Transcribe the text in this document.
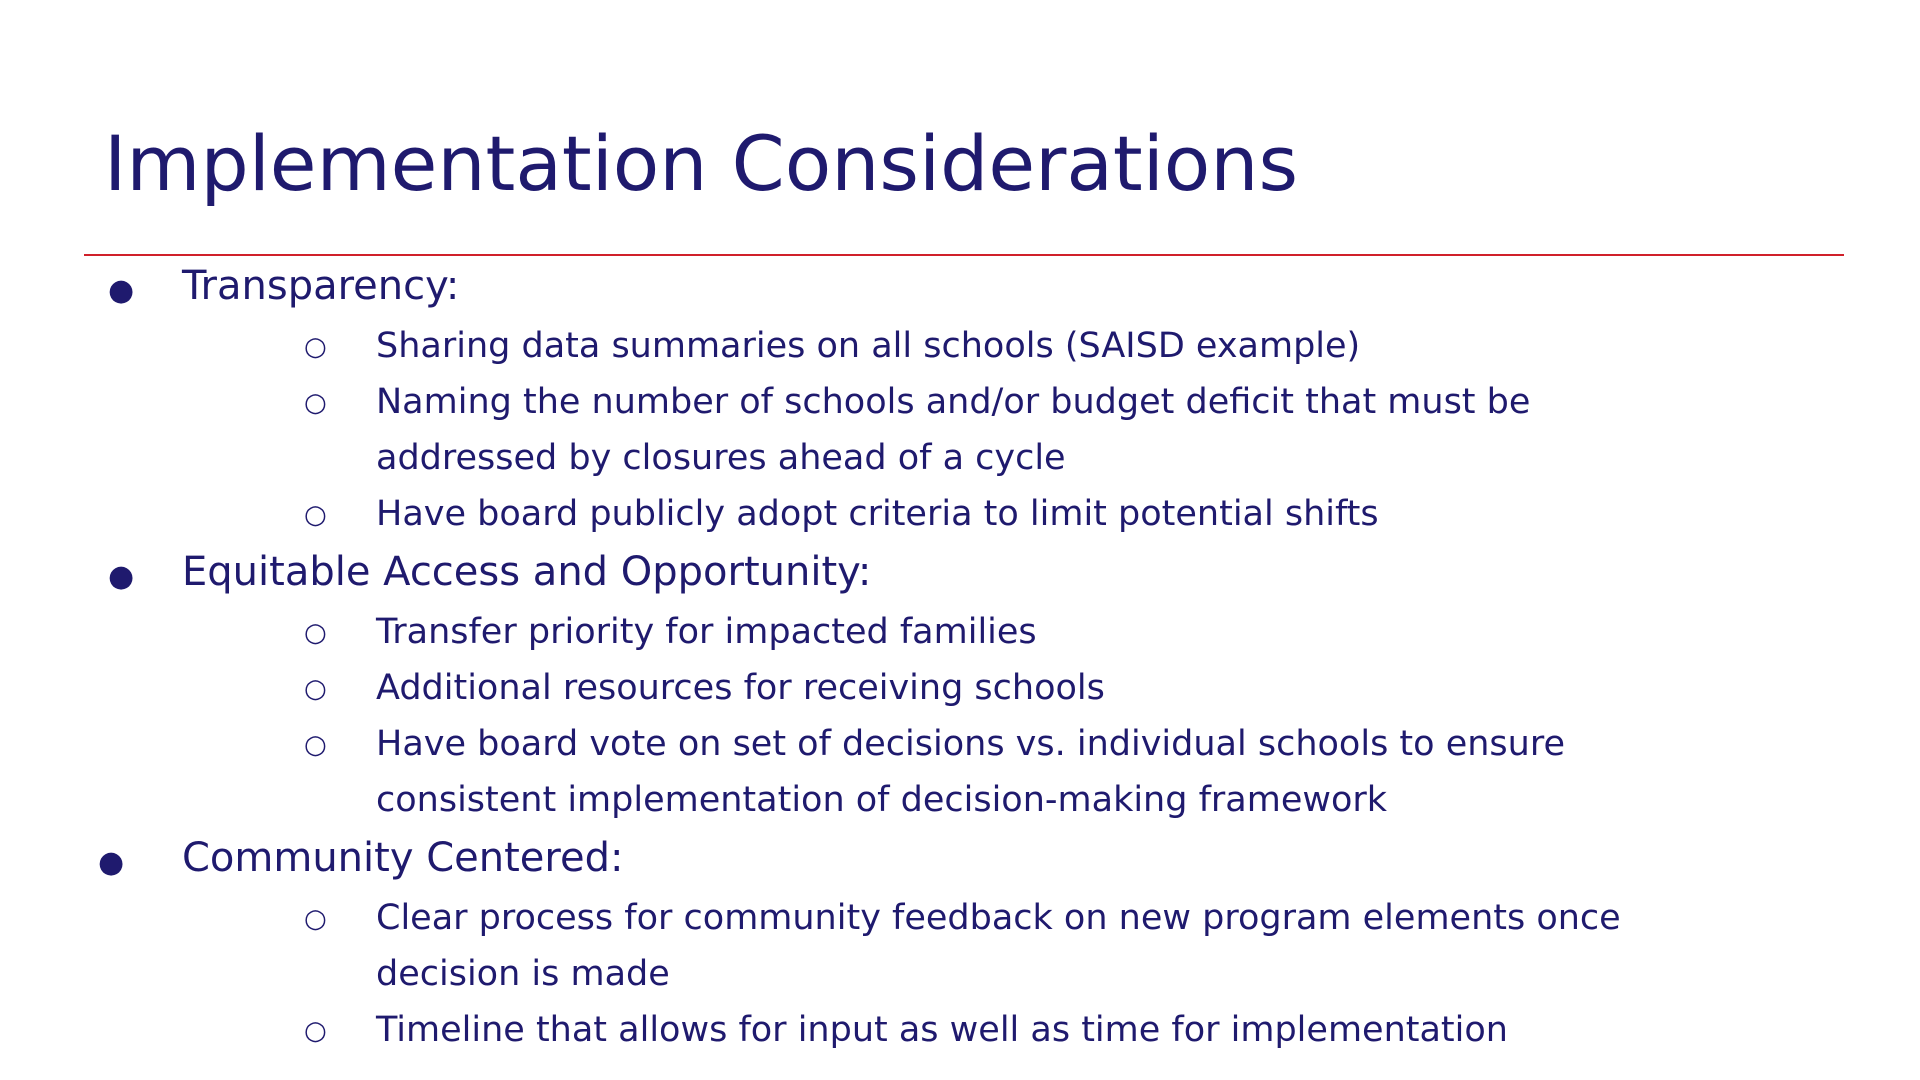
Implementation Considerations
● Transparency:
○ Sharing data summaries on all schools (SAISD example)
○ Naming the number of schools and/or budget deficit that must be
addressed by closures ahead of a cycle
○ Have board publicly adopt criteria to limit potential shifts
● Equitable Access and Opportunity:
○ Transfer priority for impacted families
○ Additional resources for receiving schools
○ Have board vote on set of decisions vs. individual schools to ensure
consistent implementation of decision-making framework
● Community Centered:
○ Clear process for community feedback on new program elements once
decision is made
○ Timeline that allows for input as well as time for implementation
